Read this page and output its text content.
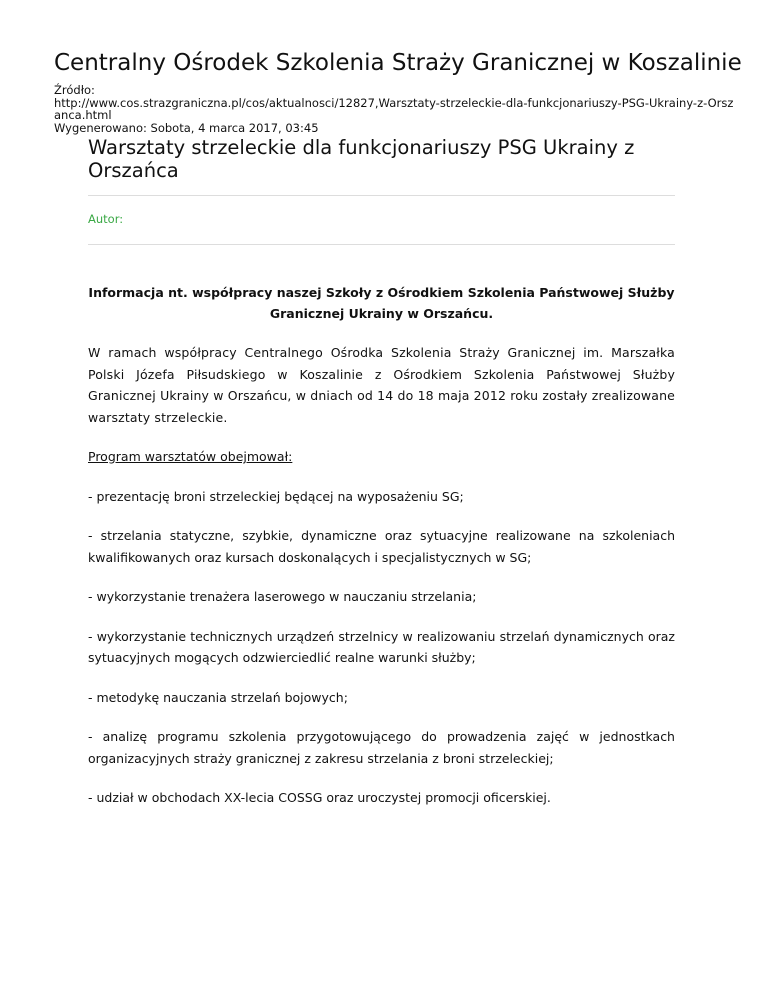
Centralny Ośrodek Szkolenia Straży Granicznej w Koszalinie
Źródło:
http://www.cos.strazgraniczna.pl/cos/aktualnosci/12827,Warsztaty-strzeleckie-dla-funkcjonariuszy-PSG-Ukrainy-z-Orszanca.html
Wygenerowano: Sobota, 4 marca 2017, 03:45
Warsztaty strzeleckie dla funkcjonariuszy PSG Ukrainy z Orszańca
Autor:
Informacja nt. współpracy naszej Szkoły z Ośrodkiem Szkolenia Państwowej Służby Granicznej Ukrainy w Orszańcu.

W ramach współpracy Centralnego Ośrodka Szkolenia Straży Granicznej im. Marszałka Polski Józefa Piłsudskiego w Koszalinie z Ośrodkiem Szkolenia Państwowej Służby Granicznej Ukrainy w Orszańcu, w dniach od 14 do 18 maja 2012 roku zostały zrealizowane warsztaty strzeleckie.

Program warsztatów obejmował:

- prezentację broni strzeleckiej będącej na wyposażeniu SG;

- strzelania statyczne, szybkie, dynamiczne oraz sytuacyjne realizowane na szkoleniach kwalifikowanych oraz kursach doskonalących i specjalistycznych w SG;

- wykorzystanie trenażera laserowego w nauczaniu strzelania;

- wykorzystanie technicznych urządzeń strzelnicy w realizowaniu strzelań dynamicznych oraz sytuacyjnych mogących odzwierciedlić realne warunki służby;

- metodykę nauczania strzelań bojowych;

- analizę programu szkolenia przygotowującego do prowadzenia zajęć w jednostkach organizacyjnych straży granicznej z zakresu strzelania z broni strzeleckiej;

- udział w obchodach XX-lecia COSSG oraz uroczystej promocji oficerskiej.
